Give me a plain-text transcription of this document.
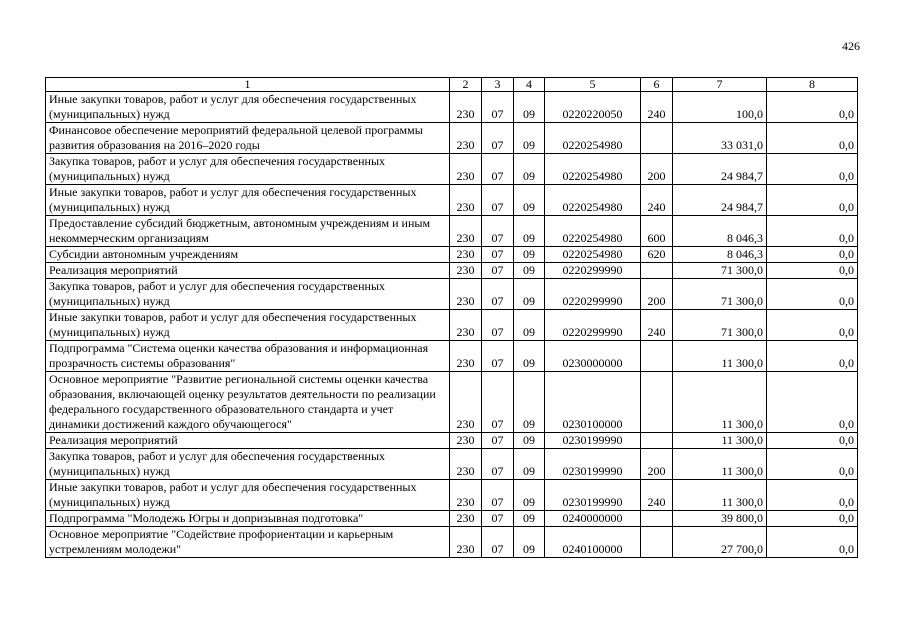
426
1	2	3	4	5	6	7	8
Иные закупки товаров, работ и услуг для обеспечения государственных (муниципальных) нужд	230	07	09	0220220050	240	100,0	0,0
Финансовое обеспечение мероприятий федеральной целевой программы развития образования на 2016–2020 годы	230	07	09	0220254980		33 031,0	0,0
Закупка товаров, работ и услуг для обеспечения государственных (муниципальных) нужд	230	07	09	0220254980	200	24 984,7	0,0
Иные закупки товаров, работ и услуг для обеспечения государственных (муниципальных) нужд	230	07	09	0220254980	240	24 984,7	0,0
Предоставление субсидий бюджетным, автономным учреждениям и иным некоммерческим организациям	230	07	09	0220254980	600	8 046,3	0,0
Субсидии автономным учреждениям	230	07	09	0220254980	620	8 046,3	0,0
Реализация мероприятий	230	07	09	0220299990		71 300,0	0,0
Закупка товаров, работ и услуг для обеспечения государственных (муниципальных) нужд	230	07	09	0220299990	200	71 300,0	0,0
Иные закупки товаров, работ и услуг для обеспечения государственных (муниципальных) нужд	230	07	09	0220299990	240	71 300,0	0,0
Подпрограмма "Система оценки качества образования и информационная прозрачность системы образования"	230	07	09	0230000000		11 300,0	0,0
Основное мероприятие "Развитие региональной системы оценки качества образования, включающей оценку результатов деятельности по реализации федерального государственного образовательного стандарта и учет динамики достижений каждого обучающегося"	230	07	09	0230100000		11 300,0	0,0
Реализация мероприятий	230	07	09	0230199990		11 300,0	0,0
Закупка товаров, работ и услуг для обеспечения государственных (муниципальных) нужд	230	07	09	0230199990	200	11 300,0	0,0
Иные закупки товаров, работ и услуг для обеспечения государственных (муниципальных) нужд	230	07	09	0230199990	240	11 300,0	0,0
Подпрограмма "Молодежь Югры и допризывная подготовка"	230	07	09	0240000000		39 800,0	0,0
Основное мероприятие "Содействие профориентации и карьерным устремлениям молодежи"	230	07	09	0240100000		27 700,0	0,0
